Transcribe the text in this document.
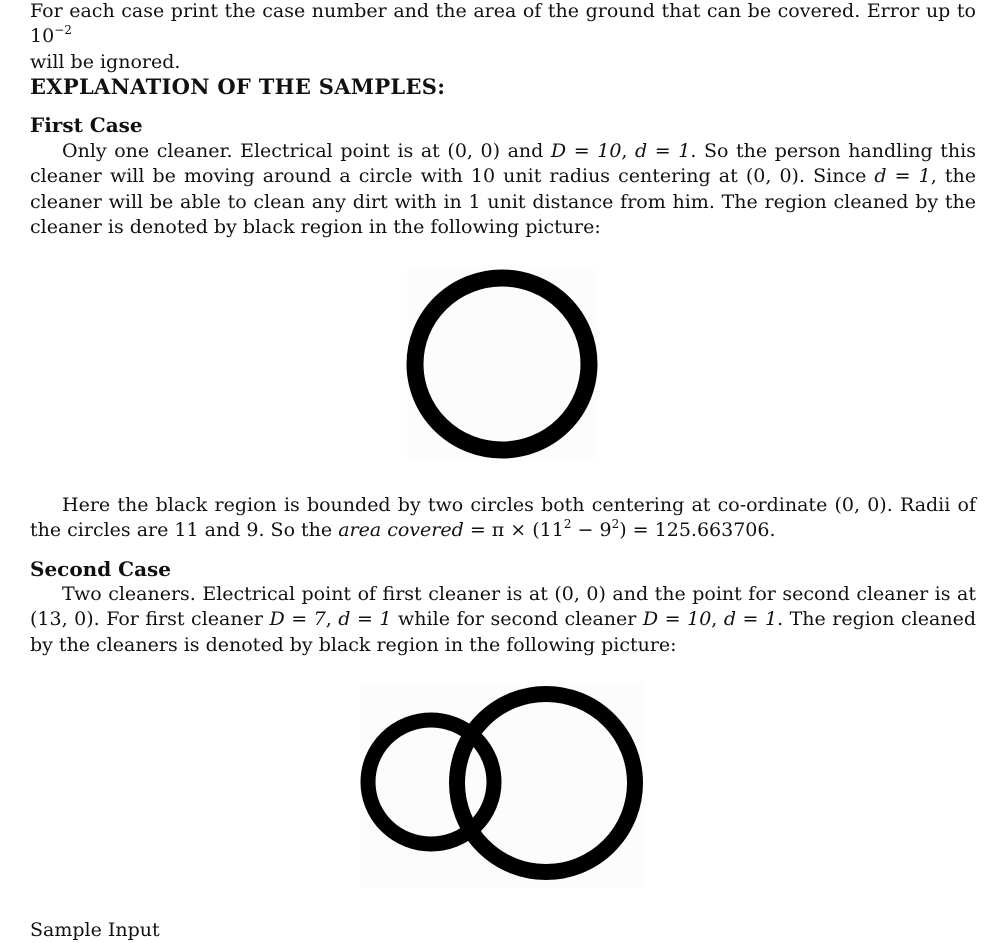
For each case print the case number and the area of the ground that can be covered. Error up to $10^{-2}$
will be ignored.

EXPLANATION OF THE SAMPLES:
First Case

Only one cleaner. Electrical point is at (0, 0) and D = 10, d = 1. So the person handling this cleaner will be moving around a circle with 10 unit radius centering at (0, 0). Since d = 1, the cleaner will be able to clean any dirt with in 1 unit distance from him. The region cleaned by the cleaner is denoted by black region in the following picture:

Here the black region is bounded by two circles both centering at co-ordinate (0, 0). Radii of the circles are 11 and 9. So the area covered = $\pi \times (11^2 - 9^2) = 125.663706$.

Second Case

Two cleaners. Electrical point of first cleaner is at (0, 0) and the point for second cleaner is at (13, 0). For first cleaner D = 7, d = 1 while for second cleaner D = 10, d = 1. The region cleaned by the cleaners is denoted by black region in the following picture:

Sample Input
